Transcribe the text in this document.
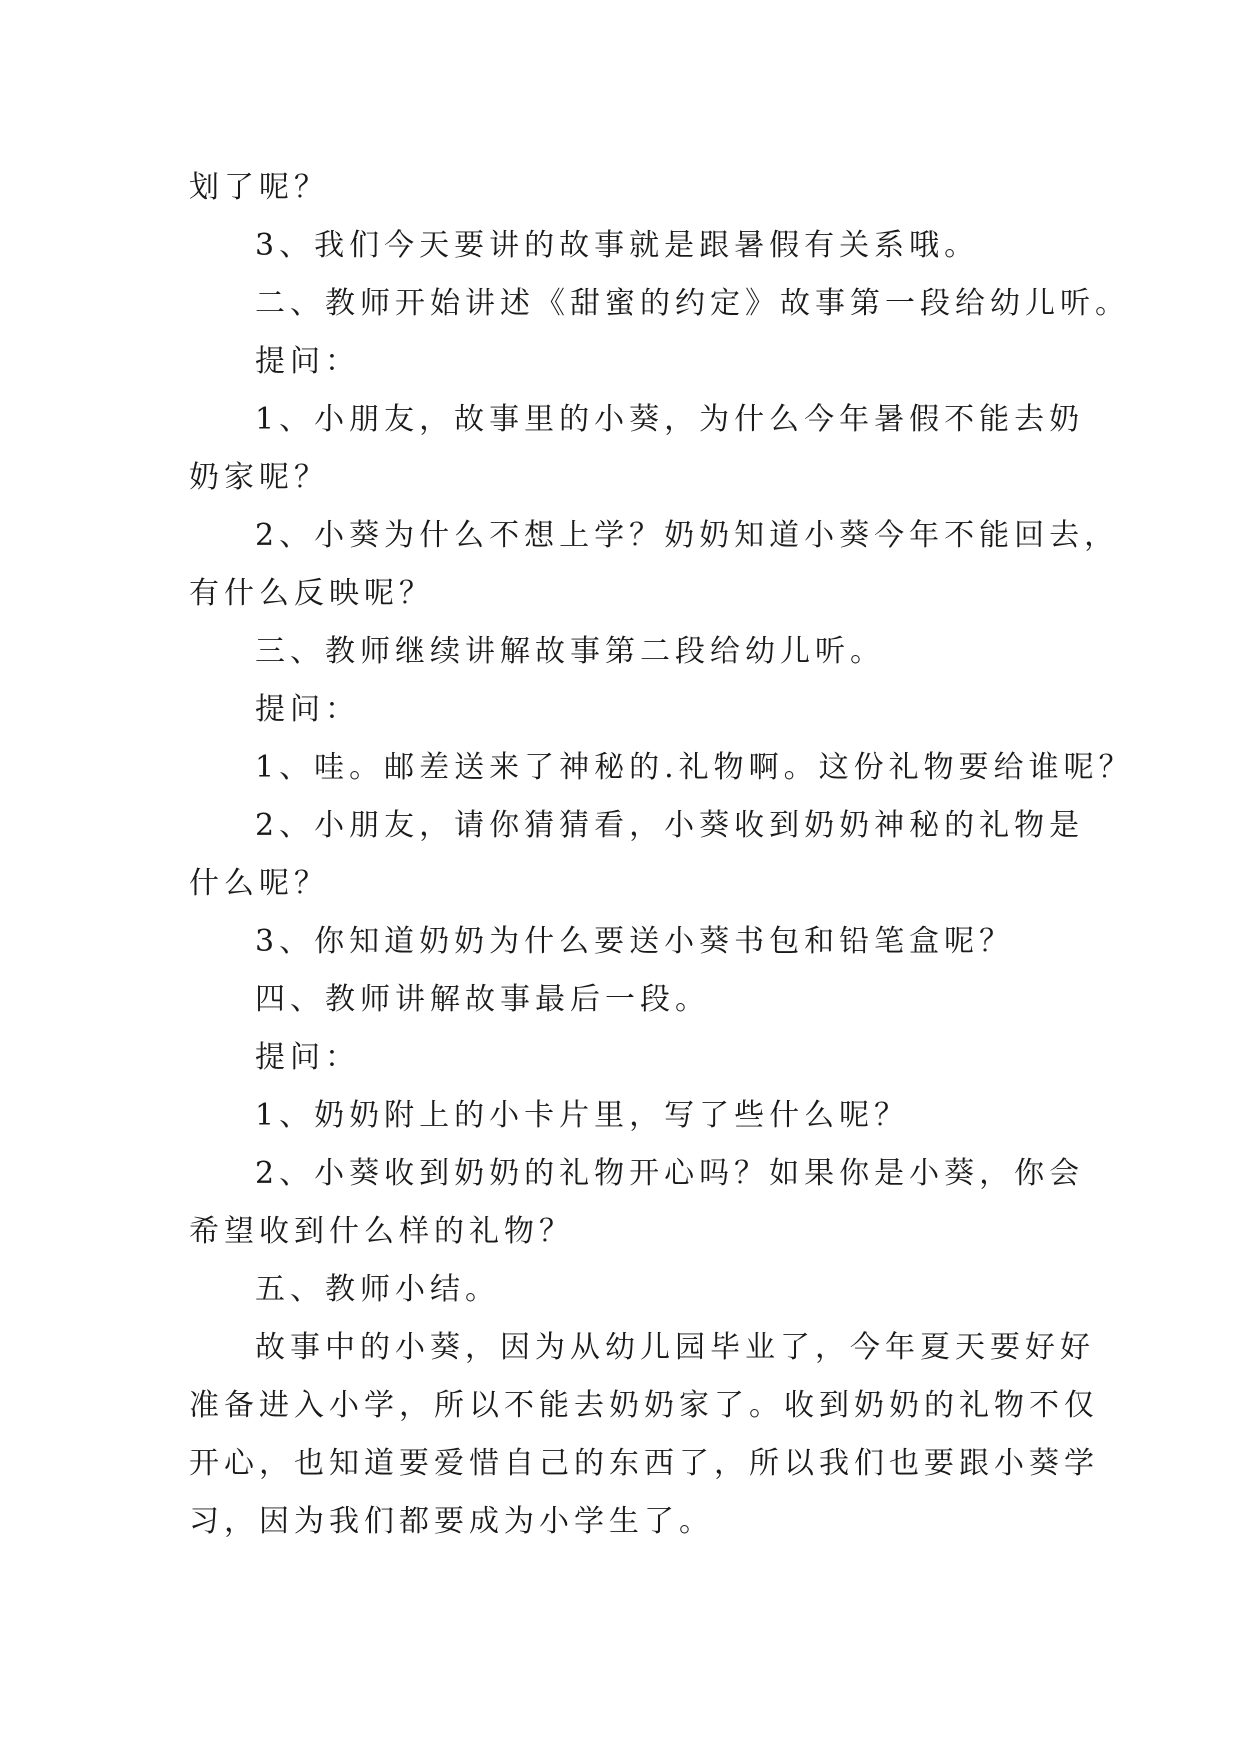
划了呢？

3、我们今天要讲的故事就是跟暑假有关系哦。

二、教师开始讲述《甜蜜的约定》故事第一段给幼儿听。

提问：

1、小朋友，故事里的小葵，为什么今年暑假不能去奶

奶家呢？

2、小葵为什么不想上学？奶奶知道小葵今年不能回去，

有什么反映呢？

三、教师继续讲解故事第二段给幼儿听。

提问：

1、哇。邮差送来了神秘的.礼物啊。这份礼物要给谁呢？

2、小朋友，请你猜猜看，小葵收到奶奶神秘的礼物是

什么呢？

3、你知道奶奶为什么要送小葵书包和铅笔盒呢？

四、教师讲解故事最后一段。

提问：

1、奶奶附上的小卡片里，写了些什么呢？

2、小葵收到奶奶的礼物开心吗？如果你是小葵，你会

希望收到什么样的礼物？

五、教师小结。

故事中的小葵，因为从幼儿园毕业了，今年夏天要好好

准备进入小学，所以不能去奶奶家了。收到奶奶的礼物不仅

开心，也知道要爱惜自己的东西了，所以我们也要跟小葵学

习，因为我们都要成为小学生了。
